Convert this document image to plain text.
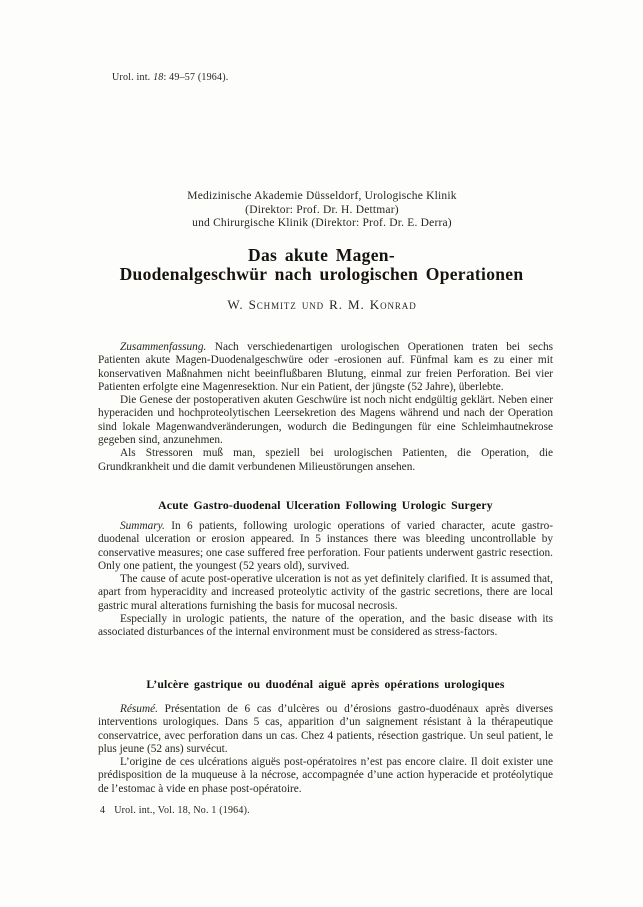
Urol. int. 18: 49–57 (1964).
Medizinische Akademie Düsseldorf, Urologische Klinik
(Direktor: Prof. Dr. H. Dettmar)
und Chirurgische Klinik (Direktor: Prof. Dr. E. Derra)
Das akute Magen-
Duodenalgeschwür nach urologischen Operationen
W. Schmitz und R. M. Konrad

Zusammenfassung. Nach verschiedenartigen urologischen Operationen traten bei sechs Patienten akute Magen-Duodenalgeschwüre oder -erosionen auf. Fünfmal kam es zu einer mit konservativen Maßnahmen nicht beeinflußbaren Blutung, einmal zur freien Perforation. Bei vier Patienten erfolgte eine Magenresektion. Nur ein Patient, der jüngste (52 Jahre), überlebte.

Die Genese der postoperativen akuten Geschwüre ist noch nicht endgültig geklärt. Neben einer hyperaciden und hochproteolytischen Leersekretion des Magens während und nach der Operation sind lokale Magenwandveränderungen, wodurch die Bedingungen für eine Schleimhautnekrose gegeben sind, anzunehmen.

Als Stressoren muß man, speziell bei urologischen Patienten, die Operation, die Grundkrankheit und die damit verbundenen Milieustörungen ansehen.

Acute Gastro-duodenal Ulceration Following Urologic Surgery

Summary. In 6 patients, following urologic operations of varied character, acute gastro-duodenal ulceration or erosion appeared. In 5 instances there was bleeding uncontrollable by conservative measures; one case suffered free perforation. Four patients underwent gastric resection. Only one patient, the youngest (52 years old), survived.

The cause of acute post-operative ulceration is not as yet definitely clarified. It is assumed that, apart from hyperacidity and increased proteolytic activity of the gastric secretions, there are local gastric mural alterations furnishing the basis for mucosal necrosis.

Especially in urologic patients, the nature of the operation, and the basic disease with its associated disturbances of the internal environment must be considered as stress-factors.

L’ulcère gastrique ou duodénal aiguë après opérations urologiques

Résumé. Présentation de 6 cas d’ulcères ou d’érosions gastro-duodénaux après diverses interventions urologiques. Dans 5 cas, apparition d’un saignement résistant à la thérapeutique conservatrice, avec perforation dans un cas. Chez 4 patients, résection gastrique. Un seul patient, le plus jeune (52 ans) survécut.

L’origine de ces ulcérations aiguës post-opératoires n’est pas encore claire. Il doit exister une prédisposition de la muqueuse à la nécrose, accompagnée d’une action hyperacide et protéolytique de l’estomac à vide en phase post-opératoire.

4 Urol. int., Vol. 18, No. 1 (1964).
